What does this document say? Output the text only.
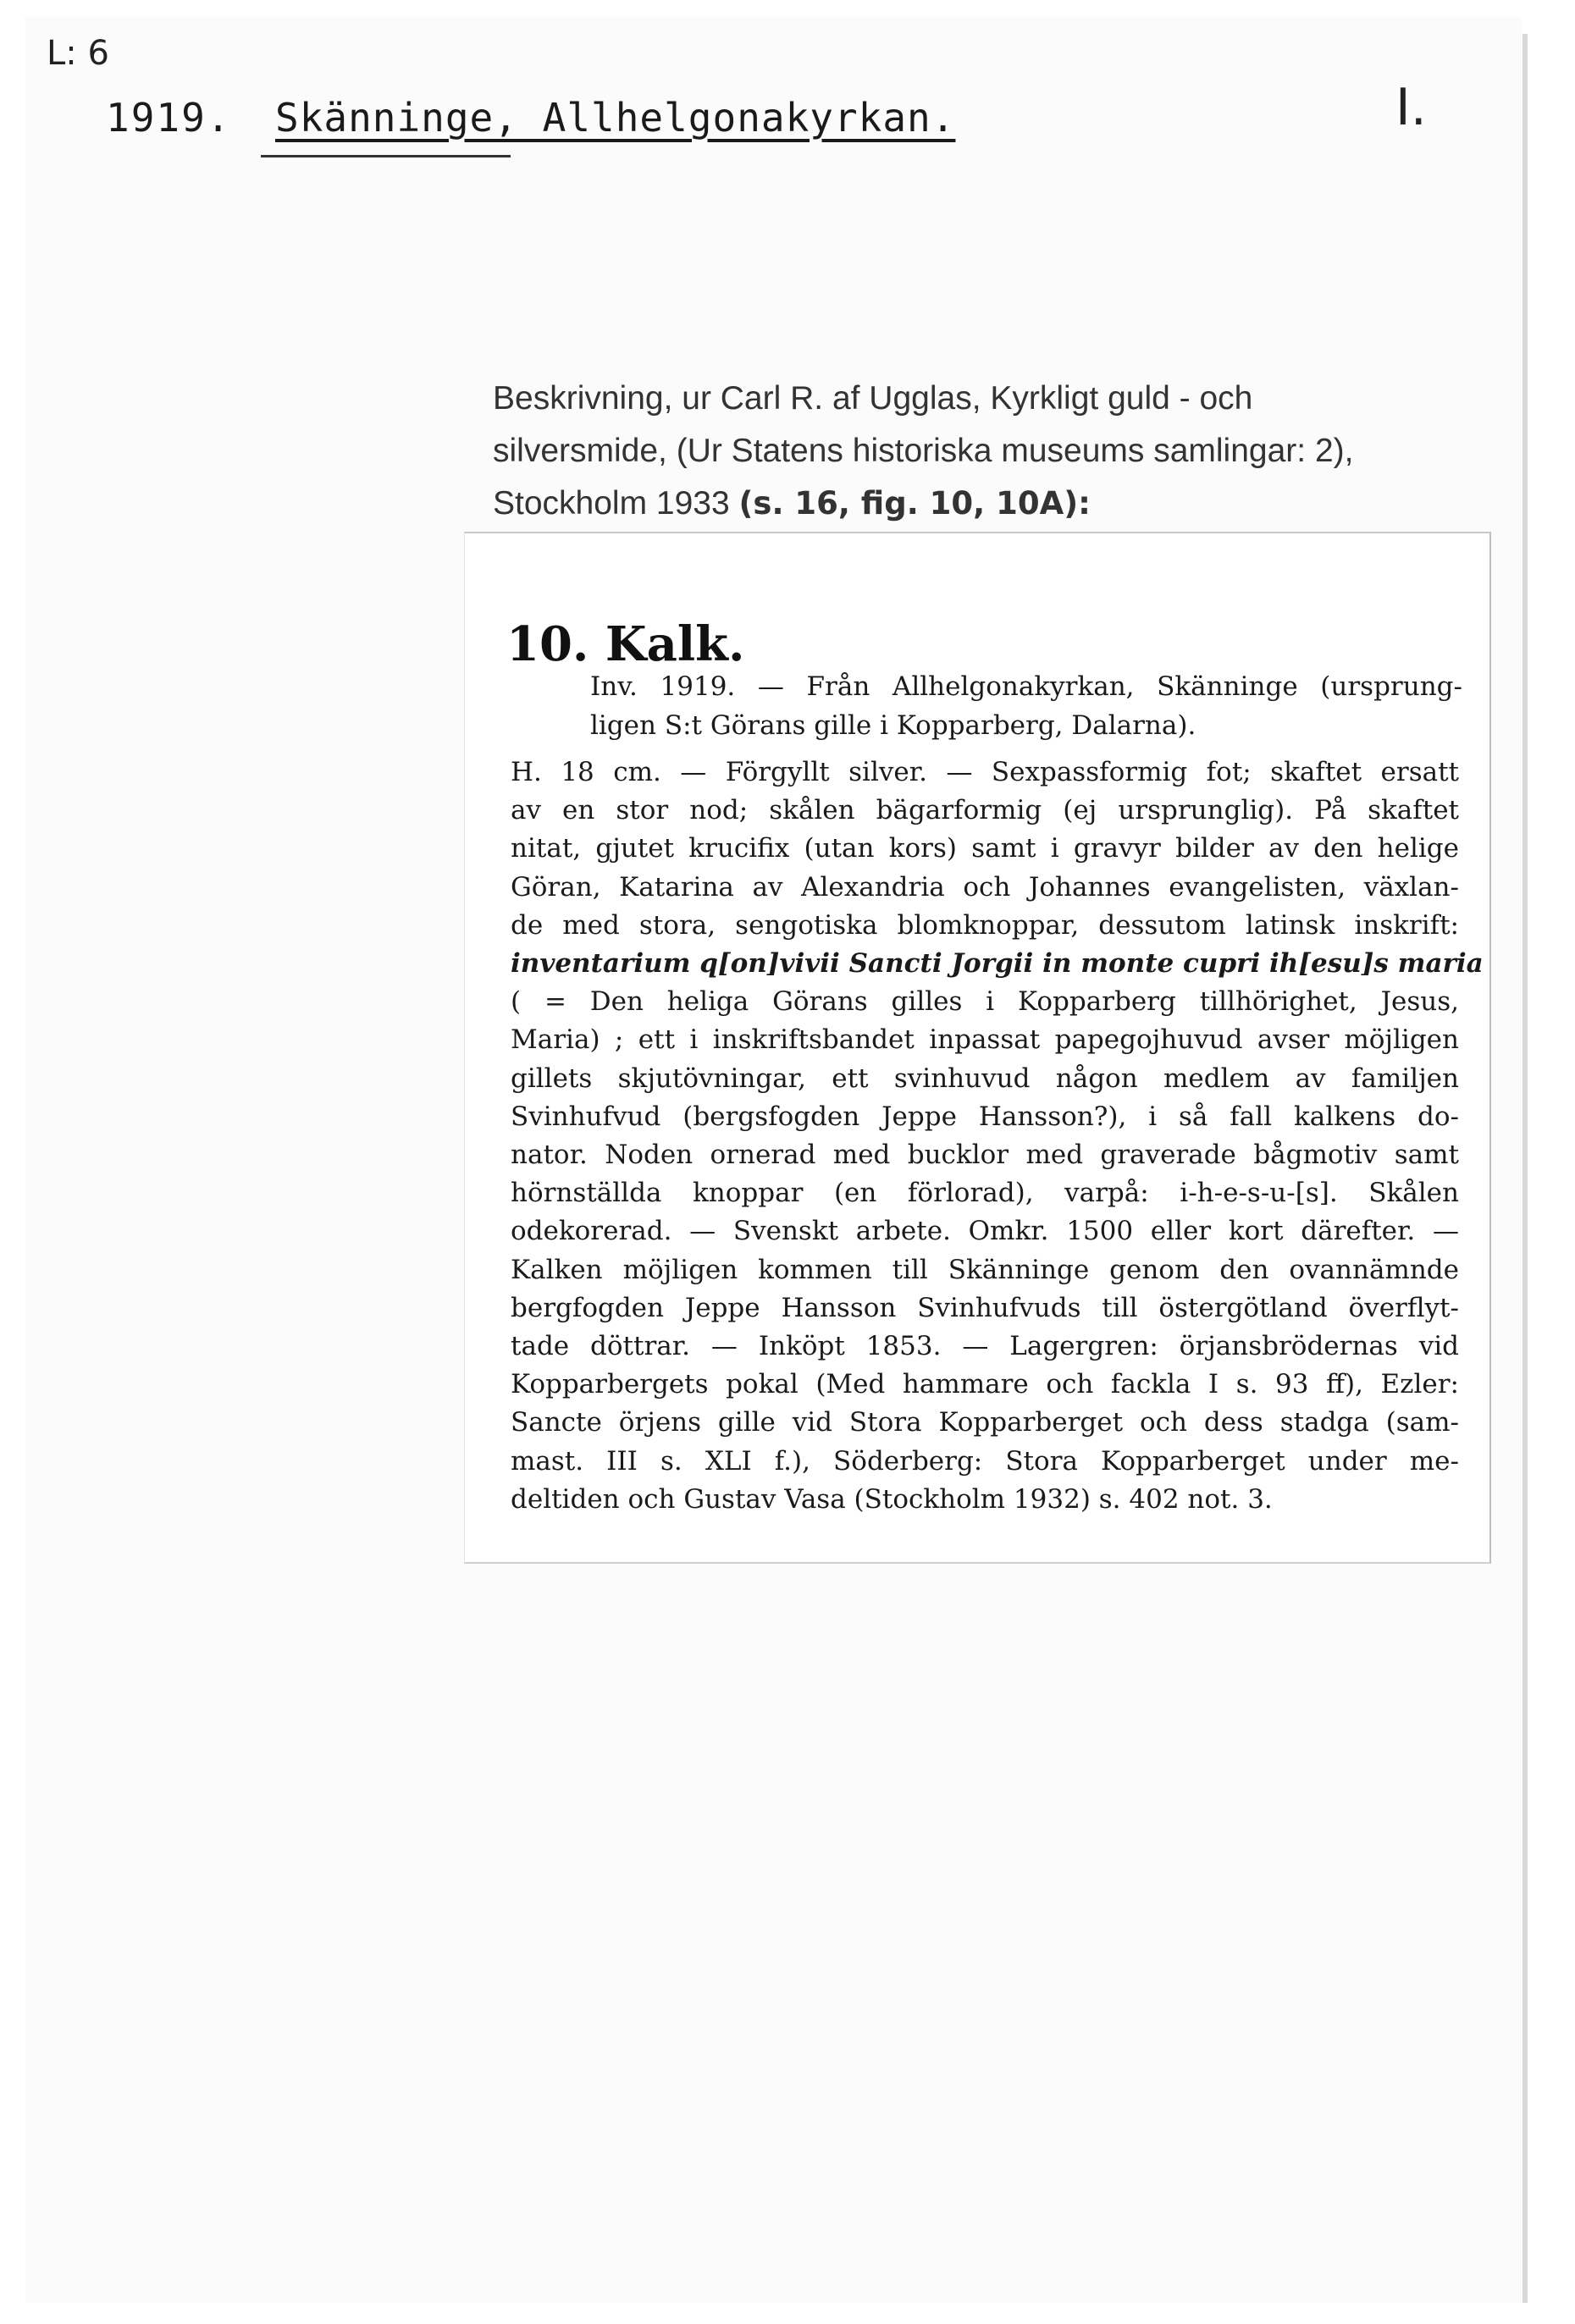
L: 6
1919. Skänninge, Allhelgonakyrkan.	I.
Beskrivning, ur Carl R. af Ugglas, Kyrkligt guld - och
silversmide, (Ur Statens historiska museums samlingar: 2),
Stockholm 1933 (s. 16, fig. 10, 10A):
10. Kalk.
Inv. 1919. — Från Allhelgonakyrkan, Skänninge (ursprung-
ligen S:t Görans gille i Kopparberg, Dalarna).
H. 18 cm. — Förgyllt silver. — Sexpassformig fot; skaftet ersatt
av en stor nod; skålen bägarformig (ej ursprunglig). På skaftet
nitat, gjutet krucifix (utan kors) samt i gravyr bilder av den helige
Göran, Katarina av Alexandria och Johannes evangelisten, växlan-
de med stora, sengotiska blomknoppar, dessutom latinsk inskrift:
inventarium q[on]vivii Sancti Jorgii in monte cupri ih[esu]s maria
( = Den heliga Görans gilles i Kopparberg tillhörighet, Jesus,
Maria) ; ett i inskriftsbandet inpassat papegojhuvud avser möjligen
gillets skjutövningar, ett svinhuvud någon medlem av familjen
Svinhufvud (bergsfogden Jeppe Hansson?), i så fall kalkens do-
nator. Noden ornerad med bucklor med graverade bågmotiv samt
hörnställda knoppar (en förlorad), varpå: i-h-e-s-u-[s]. Skålen
odekorerad. — Svenskt arbete. Omkr. 1500 eller kort därefter. —
Kalken möjligen kommen till Skänninge genom den ovannämnde
bergfogden Jeppe Hansson Svinhufvuds till östergötland överflyt-
tade döttrar. — Inköpt 1853. — Lagergren: örjansbrödernas vid
Kopparbergets pokal (Med hammare och fackla I s. 93 ff), Ezler:
Sancte örjens gille vid Stora Kopparberget och dess stadga (sam-
mast. III s. XLI f.), Söderberg: Stora Kopparberget under me-
deltiden och Gustav Vasa (Stockholm 1932) s. 402 not. 3.
